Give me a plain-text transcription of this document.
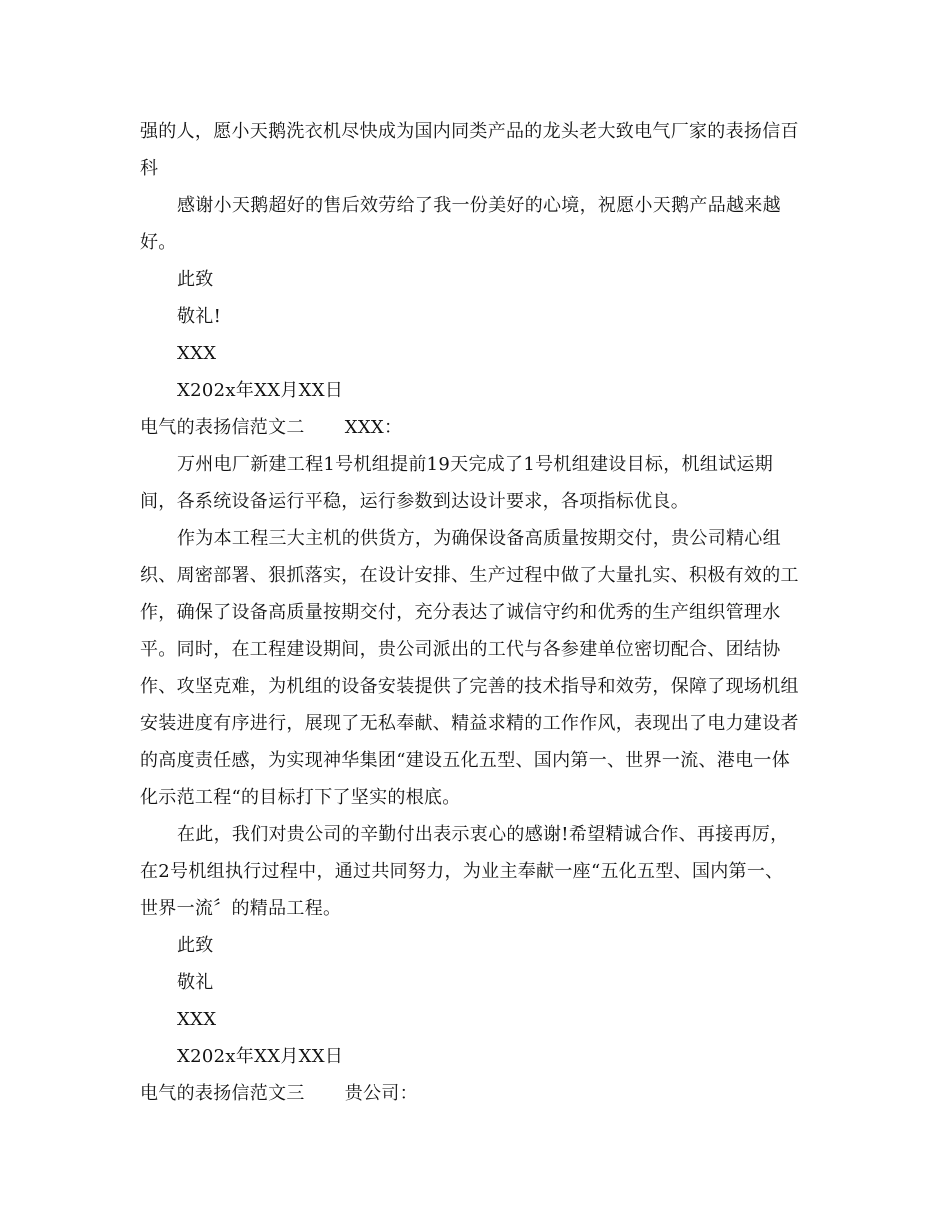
强的人，愿小天鹅洗衣机尽快成为国内同类产品的龙头老大致电气厂家的表扬信百
科
感谢小天鹅超好的售后效劳给了我一份美好的心境，祝愿小天鹅产品越来越
好。
此致
敬礼!
XXX
X202x年XX月XX日
电气的表扬信范文二 XXX：
万州电厂新建工程1号机组提前19天完成了1号机组建设目标，机组试运期
间，各系统设备运行平稳，运行参数到达设计要求，各项指标优良。
作为本工程三大主机的供货方，为确保设备高质量按期交付，贵公司精心组
织、周密部署、狠抓落实，在设计安排、生产过程中做了大量扎实、积极有效的工
作，确保了设备高质量按期交付，充分表达了诚信守约和优秀的生产组织管理水
平。同时，在工程建设期间，贵公司派出的工代与各参建单位密切配合、团结协
作、攻坚克难，为机组的设备安装提供了完善的技术指导和效劳，保障了现场机组
安装进度有序进行，展现了无私奉献、精益求精的工作作风，表现出了电力建设者
的高度责任感，为实现神华集团“建设五化五型、国内第一、世界一流、港电一体
化示范工程“的目标打下了坚实的根底。
在此，我们对贵公司的辛勤付出表示衷心的感谢!希望精诚合作、再接再厉，
在2号机组执行过程中，通过共同努力，为业主奉献一座“五化五型、国内第一、
世界一流〞的精品工程。
此致
敬礼
XXX
X202x年XX月XX日
电气的表扬信范文三 贵公司：
